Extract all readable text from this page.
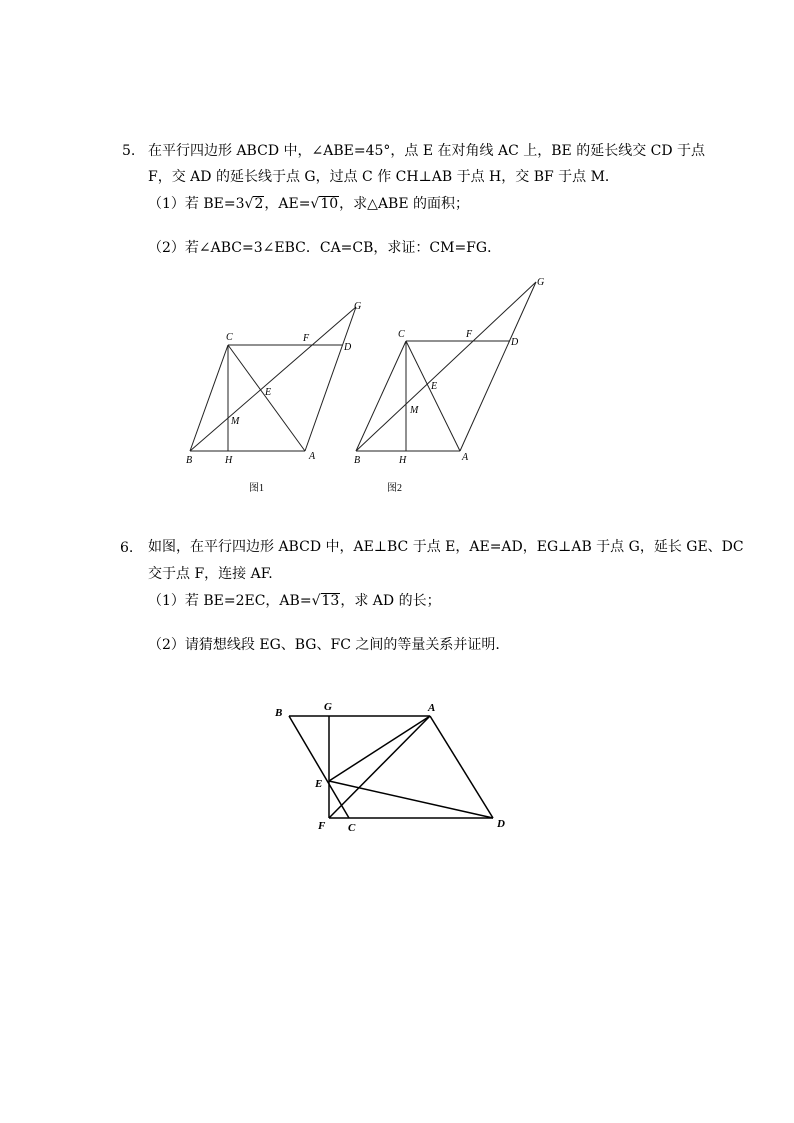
5. 在平行四边形 ABCD 中，∠ABE=45°，点 E 在对角线 AC 上，BE 的延长线交 CD 于点
F，交 AD 的延长线于点 G，过点 C 作 CH⊥AB 于点 H，交 BF 于点 M．
（1）若 BE=3√2，AE=√10，求△ABE 的面积；
（2）若∠ABC=3∠EBC．CA=CB，求证：CM=FG．
G
C	F
D
E
M
B	H	A
G
C	F
D
E
M
B	H	A
图1	图2
6. 如图，在平行四边形 ABCD 中，AE⊥BC 于点 E，AE=AD，EG⊥AB 于点 G，延长 GE、DC
交于点 F，连接 AF.
（1）若 BE=2EC，AB=√13，求 AD 的长；
（2）请猜想线段 EG、BG、FC 之间的等量关系并证明.
B	G	A
E
F C	D
